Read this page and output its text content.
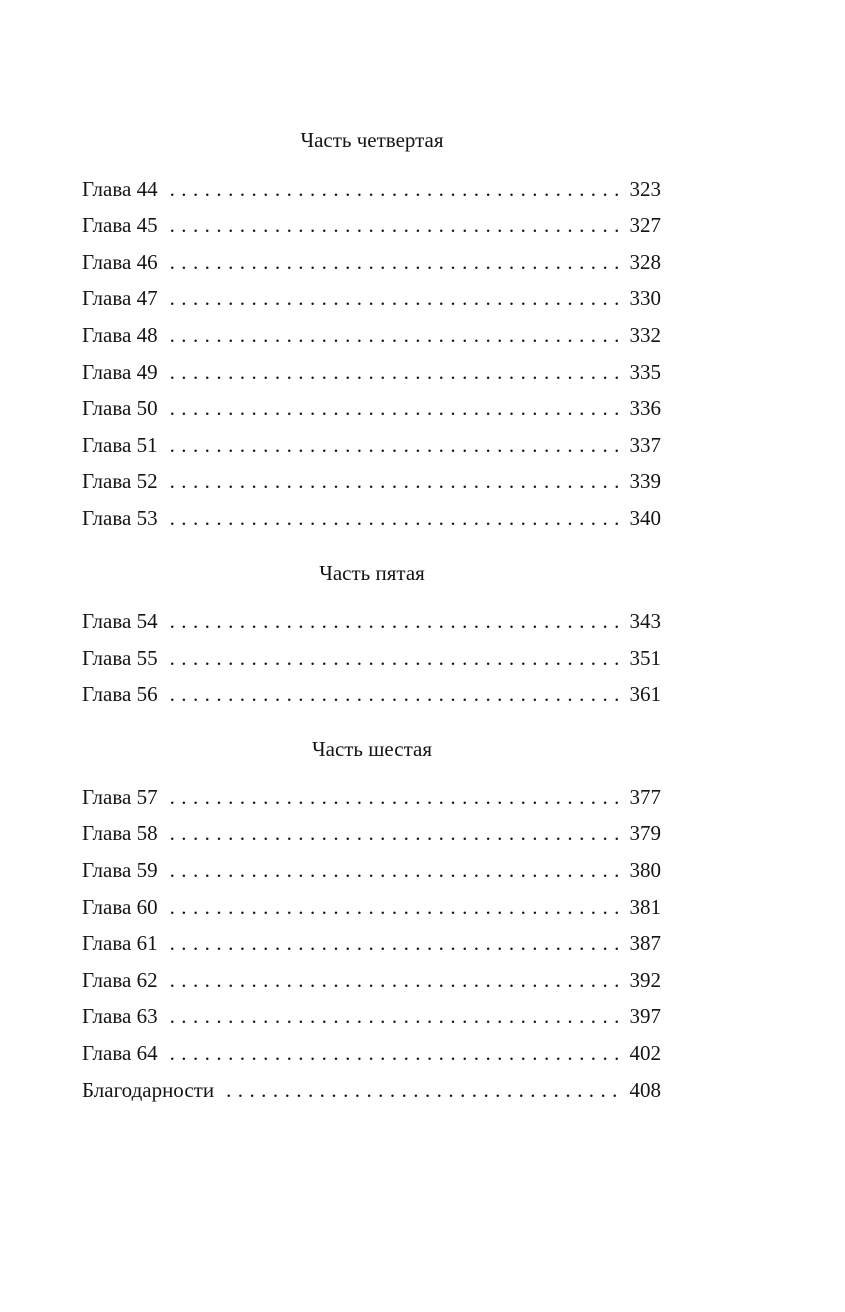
Часть четвертая
Глава 44 . . .	323
Глава 45 . . .	327
Глава 46 . . .	328
Глава 47 . . .	330
Глава 48 . . .	332
Глава 49 . . .	335
Глава 50 . . .	336
Глава 51 . . .	337
Глава 52 . . .	339
Глава 53 . . .	340
Часть пятая
Глава 54 . . .	343
Глава 55 . . .	351
Глава 56 . . .	361
Часть шестая
Глава 57 . . .	377
Глава 58 . . .	379
Глава 59 . . .	380
Глава 60 . . .	381
Глава 61 . . .	387
Глава 62 . . .	392
Глава 63 . . .	397
Глава 64 . . .	402
Благодарности . . .	408
